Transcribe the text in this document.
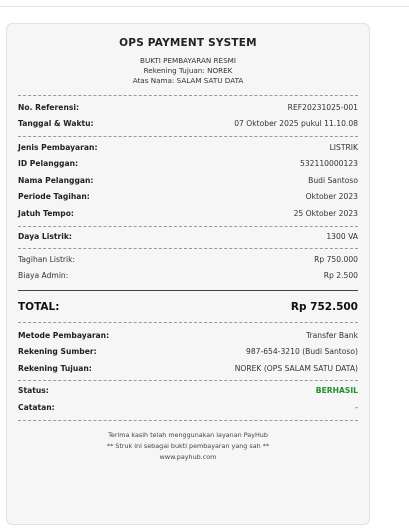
OPS PAYMENT SYSTEM
BUKTI PEMBAYARAN RESMI
Rekening Tujuan: NOREK
Atas Nama: SALAM SATU DATA
No. Referensi:	REF20231025-001
Tanggal & Waktu:	07 Oktober 2025 pukul 11.10.08
Jenis Pembayaran:	LISTRIK
ID Pelanggan:	532110000123
Nama Pelanggan:	Budi Santoso
Periode Tagihan:	Oktober 2023
Jatuh Tempo:	25 Oktober 2023
Daya Listrik:	1300 VA
Tagihan Listrik:	Rp 750.000
Biaya Admin:	Rp 2.500
TOTAL:	Rp 752.500
Metode Pembayaran:	Transfer Bank
Rekening Sumber:	987-654-3210 (Budi Santoso)
Rekening Tujuan:	NOREK (OPS SALAM SATU DATA)
Status:	BERHASIL
Catatan:	-
Terima kasih telah menggunakan layanan PayHub
** Struk ini sebagai bukti pembayaran yang sah **
www.payhub.com
